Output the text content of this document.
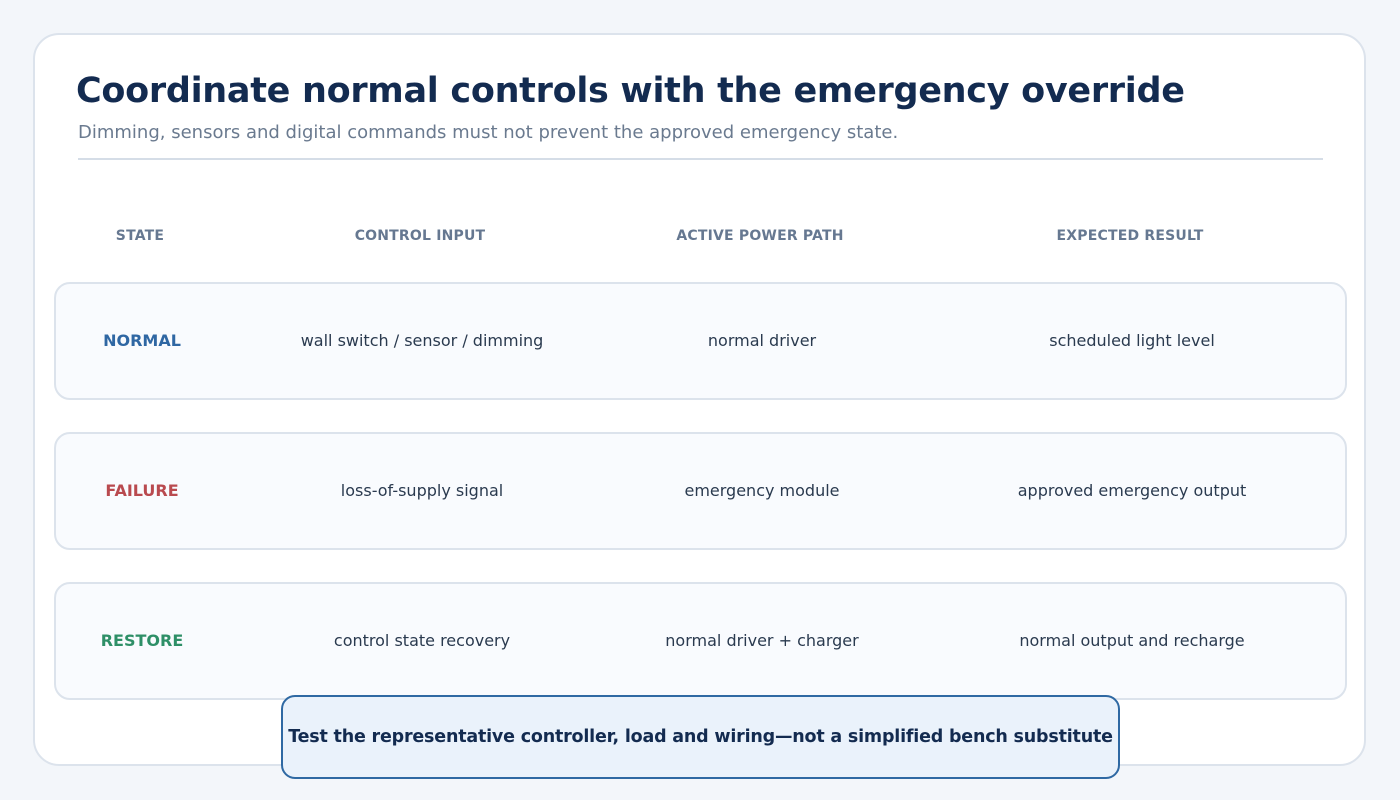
Coordinate normal controls with the emergency override

Dimming, sensors and digital commands must not prevent the approved emergency state.

STATE	CONTROL INPUT	ACTIVE POWER PATH	EXPECTED RESULT
NORMAL	wall switch / sensor / dimming	normal driver	scheduled light level
FAILURE	loss-of-supply signal	emergency module	approved emergency output
RESTORE	control state recovery	normal driver + charger	normal output and recharge
Test the representative controller, load and wiring—not a simplified bench substitute
